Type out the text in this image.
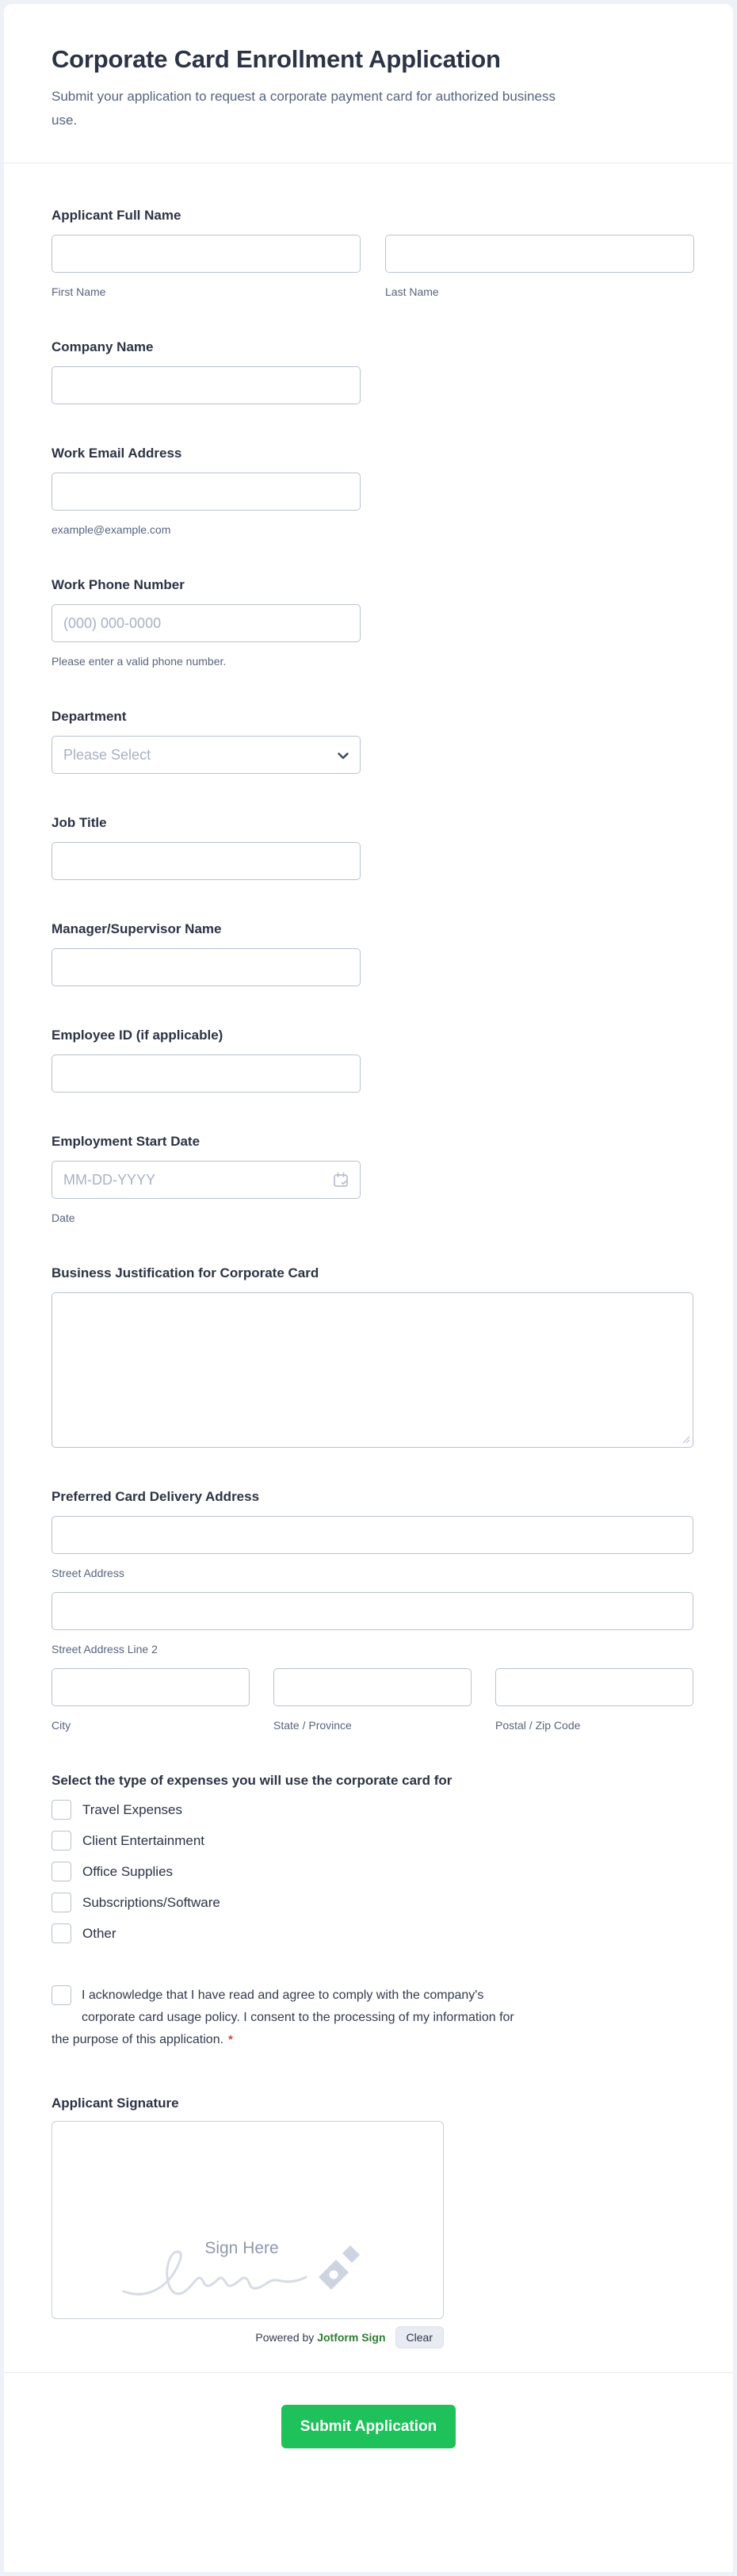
Corporate Card Enrollment Application

Submit your application to request a corporate payment card for authorized business use.

Applicant Full Name
First Name	Last Name
Company Name
Work Email Address
example@example.com
Work Phone Number
(000) 000-0000
Please enter a valid phone number.
Department
Please Select
Job Title
Manager/Supervisor Name
Employee ID (if applicable)
Employment Start Date
MM-DD-YYYY
Date
Business Justification for Corporate Card
Preferred Card Delivery Address
Street Address
Street Address Line 2
City	State / Province	Postal / Zip Code
Select the type of expenses you will use the corporate card for
Travel Expenses
Client Entertainment
Office Supplies
Subscriptions/Software
Other
I acknowledge that I have read and agree to comply with the company's corporate card usage policy. I consent to the processing of my information for the purpose of this application. *
Applicant Signature
Sign Here
Powered by Jotform Sign	Clear
Submit Application
